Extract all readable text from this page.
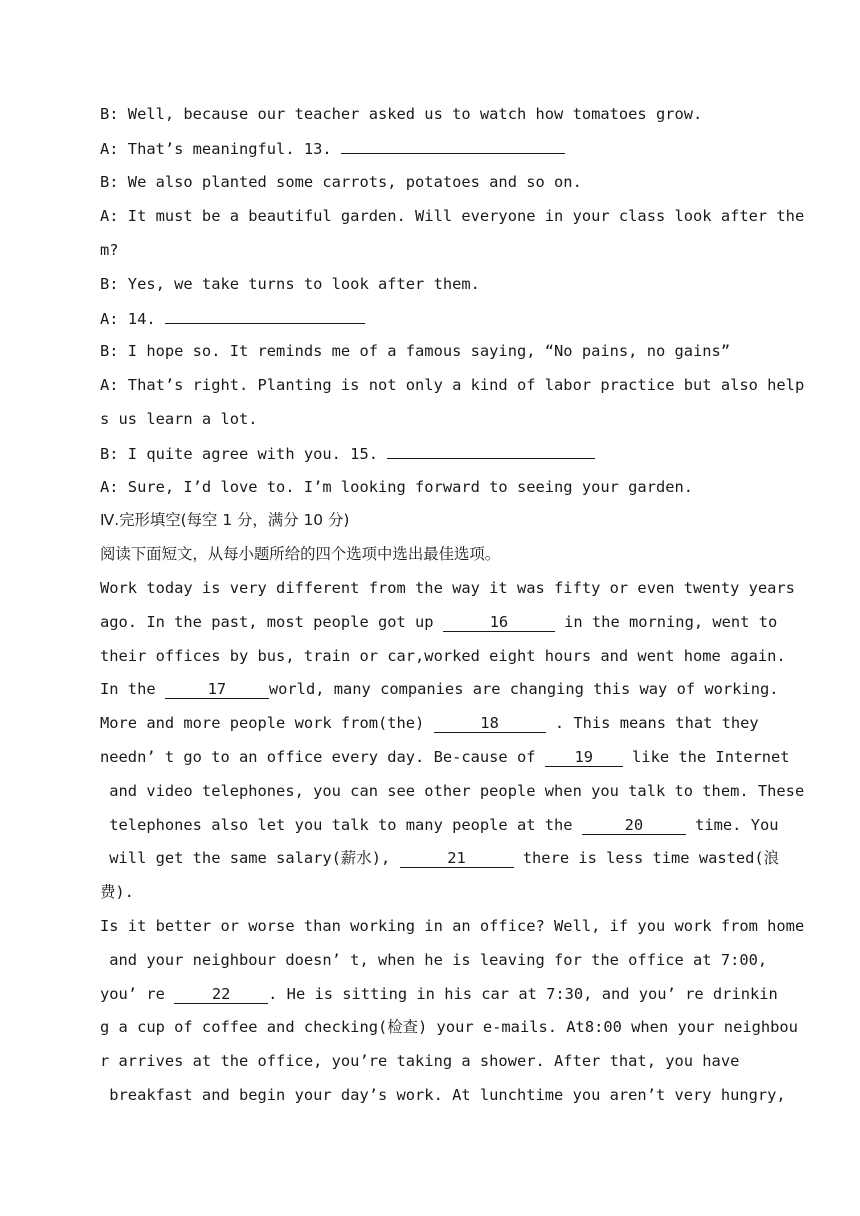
B: Well, because our teacher asked us to watch how tomatoes grow.
A: That’s meaningful. 13.
B: We also planted some carrots, potatoes and so on.
A: It must be a beautiful garden. Will everyone in your class look after the
m?
B: Yes, we take turns to look after them.
A: 14.
B: I hope so. It reminds me of a famous saying, “No pains, no gains”
A: That’s right. Planting is not only a kind of labor practice but also help
s us learn a lot.
B: I quite agree with you. 15.
A: Sure, I’d love to. I’m looking forward to seeing your garden.
Ⅳ.完形填空(每空 1 分，满分 10 分)
阅读下面短文，从每小题所给的四个选项中选出最佳选项。
Work today is very different from the way it was fifty or even twenty years
ago. In the past, most people got up	16	in the morning, went to
their offices by bus, train or car,worked eight hours and went home again.
In the	17	world, many companies are changing this way of working.
More and more people work from(the)	18	. This means that they
needn’ t go to an office every day. Be-cause of 19 like the Internet
and video telephones, you can see other people when you talk to them. These
telephones also let you talk to many people at the	20	time. You
will get the same salary(薪水),	21	there is less time wasted(浪
费).
Is it better or worse than working in an office? Well, if you work from home
and your neighbour doesn’ t, when he is leaving for the office at 7:00,
you’ re 22 . He is sitting in his car at 7:30, and you’ re drinkin
g a cup of coffee and checking(检查) your e-mails. At8:00 when your neighbou
r arrives at the office, you’re taking a shower. After that, you have
breakfast and begin your day’s work. At lunchtime you aren’t very hungry,
